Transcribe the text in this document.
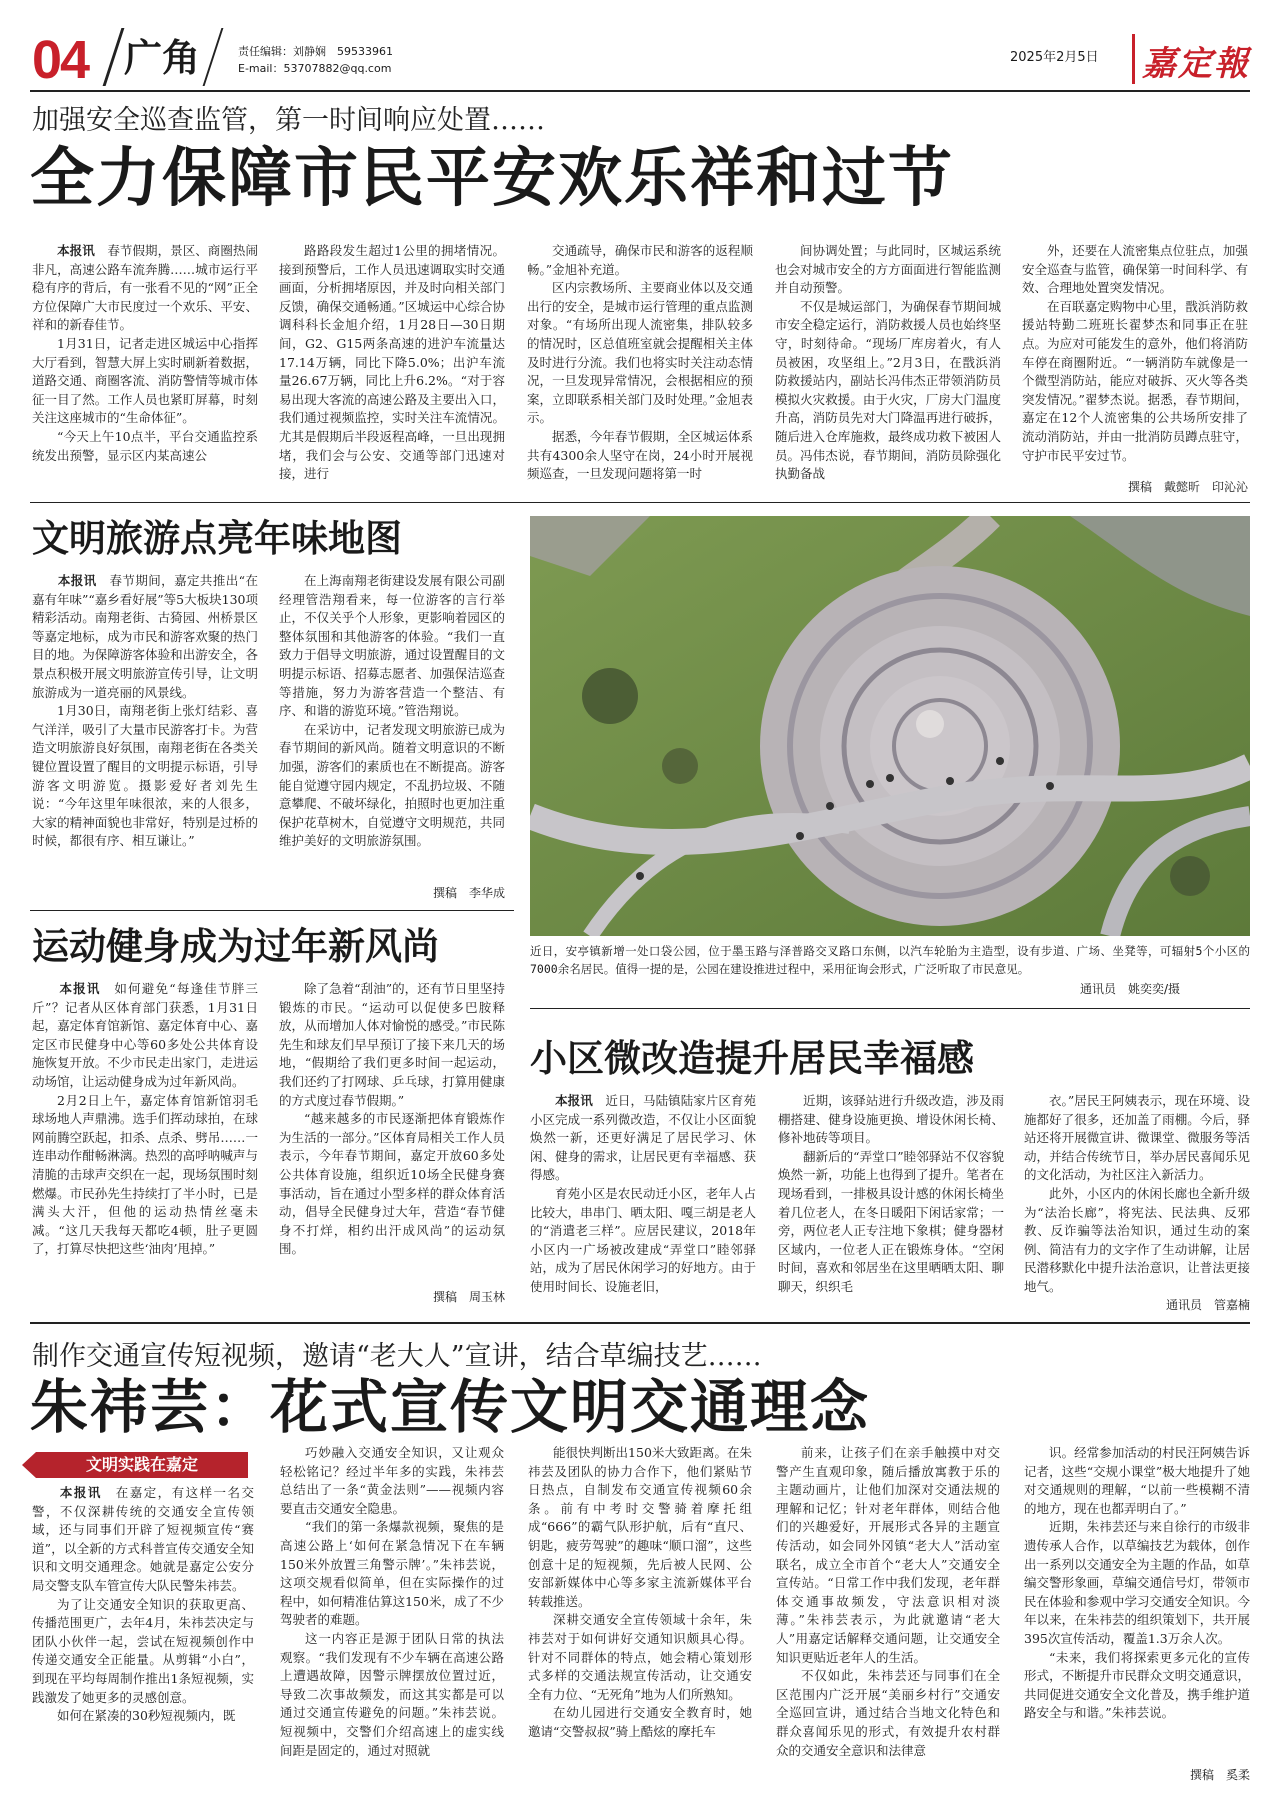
04 广角	责任编辑：刘静娴　59533961
E-mail：53707882@qq.com
2025年2月5日 嘉定報
加强安全巡查监管，第一时间响应处置……
全力保障市民平安欢乐祥和过节

　　本报讯　春节假期，景区、商圈热闹非凡，高速公路车流奔腾……城市运行平稳有序的背后，有一张看不见的“网”正全方位保障广大市民度过一个欢乐、平安、祥和的新春佳节。

1月31日，记者走进区城运中心指挥大厅看到，智慧大屏上实时刷新着数据，道路交通、商圈客流、消防警情等城市体征一目了然。工作人员也紧盯屏幕，时刻关注这座城市的“生命体征”。

“今天上午10点半，平台交通监控系统发出预警，显示区内某高速公

路路段发生超过1公里的拥堵情况。接到预警后，工作人员迅速调取实时交通画面，分析拥堵原因，并及时向相关部门反馈，确保交通畅通。”区城运中心综合协调科科长金旭介绍，1月28日—30日期间，G2、G15两条高速的进沪车流量达17.14万辆，同比下降5.0%；出沪车流量26.67万辆，同比上升6.2%。“对于容易出现大客流的高速公路及主要出入口，我们通过视频监控，实时关注车流情况。尤其是假期后半段返程高峰，一旦出现拥堵，我们会与公安、交通等部门迅速对接，进行

交通疏导，确保市民和游客的返程顺畅。”金旭补充道。

区内宗教场所、主要商业体以及交通出行的安全，是城市运行管理的重点监测对象。“有场所出现人流密集，排队较多的情况时，区总值班室就会提醒相关主体及时进行分流。我们也将实时关注动态情况，一旦发现异常情况，会根据相应的预案，立即联系相关部门及时处理。”金旭表示。

据悉，今年春节假期，全区城运体系共有4300余人坚守在岗，24小时开展视频巡查，一旦发现问题将第一时

间协调处置；与此同时，区城运系统也会对城市安全的方方面面进行智能监测并自动预警。

不仅是城运部门，为确保春节期间城市安全稳定运行，消防救援人员也始终坚守，时刻待命。“现场厂库房着火，有人员被困，攻坚组上。”2月3日，在戬浜消防救援站内，副站长冯伟杰正带领消防员模拟火灾救援。由于火灾，厂房大门温度升高，消防员先对大门降温再进行破拆，随后进入仓库施救，最终成功救下被困人员。冯伟杰说，春节期间，消防员除强化执勤备战

外，还要在人流密集点位驻点，加强安全巡查与监管，确保第一时间科学、有效、合理地处置突发情况。

在百联嘉定购物中心里，戬浜消防救援站特勤二班班长翟梦杰和同事正在驻点。为应对可能发生的意外，他们将消防车停在商圈附近。“一辆消防车就像是一个微型消防站，能应对破拆、灭火等各类突发情况。”翟梦杰说。据悉，春节期间，嘉定在12个人流密集的公共场所安排了流动消防站，并由一批消防员蹲点驻守，守护市民平安过节。

撰稿　戴懿昕　印沁沁
文明旅游点亮年味地图

　　本报讯　春节期间，嘉定共推出“在嘉有年味”“嘉乡看好展”等5大板块130项精彩活动。南翔老街、古猗园、州桥景区等嘉定地标，成为市民和游客欢聚的热门目的地。为保障游客体验和出游安全，各景点积极开展文明旅游宣传引导，让文明旅游成为一道亮丽的风景线。

1月30日，南翔老街上张灯结彩、喜气洋洋，吸引了大量市民游客打卡。为营造文明旅游良好氛围，南翔老街在各类关键位置设置了醒目的文明提示标语，引导游客文明游览。摄影爱好者刘先生说：“今年这里年味很浓，来的人很多，大家的精神面貌也非常好，特别是过桥的时候，都很有序、相互谦让。”

在上海南翔老街建设发展有限公司副经理管浩翔看来，每一位游客的言行举止，不仅关乎个人形象，更影响着园区的整体氛围和其他游客的体验。“我们一直致力于倡导文明旅游，通过设置醒目的文明提示标语、招募志愿者、加强保洁巡查等措施，努力为游客营造一个整洁、有序、和谐的游览环境。”管浩翔说。

在采访中，记者发现文明旅游已成为春节期间的新风尚。随着文明意识的不断加强，游客们的素质也在不断提高。游客能自觉遵守园内规定，不乱扔垃圾、不随意攀爬、不破坏绿化，拍照时也更加注重保护花草树木，自觉遵守文明规范，共同维护美好的文明旅游氛围。

撰稿　李华成
运动健身成为过年新风尚

　　本报讯　如何避免“每逢佳节胖三斤”？记者从区体育部门获悉，1月31日起，嘉定体育馆新馆、嘉定体育中心、嘉定区市民健身中心等60多处公共体育设施恢复开放。不少市民走出家门，走进运动场馆，让运动健身成为过年新风尚。

2月2日上午，嘉定体育馆新馆羽毛球场地人声鼎沸。选手们挥动球拍，在球网前腾空跃起，扣杀、点杀、劈吊……一连串动作酣畅淋漓。热烈的高呼呐喊声与清脆的击球声交织在一起，现场氛围时刻燃爆。市民孙先生持续打了半小时，已是满头大汗，但他的运动热情丝毫未减。“这几天我每天都吃4顿，肚子更圆了，打算尽快把这些‘油肉’甩掉。”

除了急着“刮油”的，还有节日里坚持锻炼的市民。“运动可以促使多巴胺释放，从而增加人体对愉悦的感受。”市民陈先生和球友们早早预订了接下来几天的场地，“假期给了我们更多时间一起运动，我们还约了打网球、乒乓球，打算用健康的方式度过春节假期。”

“越来越多的市民逐渐把体育锻炼作为生活的一部分。”区体育局相关工作人员表示，今年春节期间，嘉定开放60多处公共体育设施，组织近10场全民健身赛事活动，旨在通过小型多样的群众体育活动，倡导全民健身过大年，营造“春节健身不打烊，相约出汗成风尚”的运动氛围。

撰稿　周玉林
近日，安亭镇新增一处口袋公园，位于墨玉路与泽普路交叉路口东侧，以汽车轮胎为主造型，设有步道、广场、坐凳等，可辐射5个小区的7000余名居民。值得一提的是，公园在建设推进过程中，采用征询会形式，广泛听取了市民意见。
通讯员　姚奕奕/摄
小区微改造提升居民幸福感

　　本报讯　近日，马陆镇陆家片区育苑小区完成一系列微改造，不仅让小区面貌焕然一新，还更好满足了居民学习、休闲、健身的需求，让居民更有幸福感、获得感。

育苑小区是农民动迁小区，老年人占比较大，串串门、晒太阳、嘎三胡是老人的“消遣老三样”。应居民建议，2018年小区内一广场被改建成“弄堂口”睦邻驿站，成为了居民休闲学习的好地方。由于使用时间长、设施老旧，

近期，该驿站进行升级改造，涉及雨棚搭建、健身设施更换、增设休闲长椅、修补地砖等项目。

翻新后的“弄堂口”睦邻驿站不仅容貌焕然一新，功能上也得到了提升。笔者在现场看到，一排极具设计感的休闲长椅坐着几位老人，在冬日暖阳下闲话家常；一旁，两位老人正专注地下象棋；健身器材区域内，一位老人正在锻炼身体。“空闲时间，喜欢和邻居坐在这里晒晒太阳、聊聊天，织织毛

衣。”居民王阿姨表示，现在环境、设施都好了很多，还加盖了雨棚。今后，驿站还将开展微宣讲、微课堂、微服务等活动，并结合传统节日，举办居民喜闻乐见的文化活动，为社区注入新活力。

此外，小区内的休闲长廊也全新升级为“法治长廊”，将宪法、民法典、反邪教、反诈骗等法治知识，通过生动的案例、简洁有力的文字作了生动讲解，让居民潜移默化中提升法治意识，让普法更接地气。

通讯员　管嘉楠
制作交通宣传短视频，邀请“老大人”宣讲，结合草编技艺……
朱祎芸：花式宣传文明交通理念
文明实践在嘉定

　　本报讯　在嘉定，有这样一名交警，不仅深耕传统的交通安全宣传领域，还与同事们开辟了短视频宣传“赛道”，以全新的方式科普宣传交通安全知识和文明交通理念。她就是嘉定公安分局交警支队车管宣传大队民警朱祎芸。

为了让交通安全知识的获取更高、传播范围更广，去年4月，朱祎芸决定与团队小伙伴一起，尝试在短视频创作中传递交通安全正能量。从剪辑“小白”，到现在平均每周制作推出1条短视频，实践激发了她更多的灵感创意。

如何在紧凑的30秒短视频内，既

巧妙融入交通安全知识，又让观众轻松铭记？经过半年多的实践，朱祎芸总结出了一条“黄金法则”——视频内容要直击交通安全隐患。

“我们的第一条爆款视频，聚焦的是高速公路上‘如何在紧急情况下在车辆150米外放置三角警示牌’。”朱祎芸说，这项交规看似简单，但在实际操作的过程中，如何精准估算这150米，成了不少驾驶者的难题。

这一内容正是源于团队日常的执法观察。“我们发现有不少车辆在高速公路上遭遇故障，因警示牌摆放位置过近，导致二次事故频发，而这其实都是可以通过交通宣传避免的问题。”朱祎芸说。短视频中，交警们介绍高速上的虚实线间距是固定的，通过对照就

能很快判断出150米大致距离。在朱祎芸及团队的协力合作下，他们紧贴节日热点，自制发布交通宣传视频60余条。前有中考时交警骑着摩托组成“666”的霸气队形护航，后有“直尺、钥匙，疲劳驾驶”的趣味“顺口溜”，这些创意十足的短视频，先后被人民网、公安部新媒体中心等多家主流新媒体平台转载推送。

深耕交通安全宣传领域十余年，朱祎芸对于如何讲好交通知识颇具心得。针对不同群体的特点，她会精心策划形式多样的交通法规宣传活动，让交通安全有力位、“无死角”地为人们所熟知。

在幼儿园进行交通安全教育时，她邀请“交警叔叔”骑上酷炫的摩托车

前来，让孩子们在亲手触摸中对交警产生直观印象，随后播放寓教于乐的主题动画片，让他们加深对交通法规的理解和记忆；针对老年群体，则结合他们的兴趣爱好，开展形式各异的主题宣传活动，如会同外冈镇“老大人”活动室联名，成立全市首个“老大人”交通安全宣传站。“日常工作中我们发现，老年群体交通事故频发，守法意识相对淡薄。”朱祎芸表示，为此就邀请“老大人”用嘉定话解释交通问题，让交通安全知识更贴近老年人的生活。

不仅如此，朱祎芸还与同事们在全区范围内广泛开展“美丽乡村行”交通安全巡回宣讲，通过结合当地文化特色和群众喜闻乐见的形式，有效提升农村群众的交通安全意识和法律意

识。经常参加活动的村民汪阿姨告诉记者，这些“交规小课堂”极大地提升了她对交通规则的理解，“以前一些模糊不清的地方，现在也都弄明白了。”

近期，朱祎芸还与来自徐行的市级非遗传承人合作，以草编技艺为载体，创作出一系列以交通安全为主题的作品，如草编交警形象画，草编交通信号灯，带领市民在体验和参观中学习交通安全知识。今年以来，在朱祎芸的组织策划下，共开展395次宣传活动，覆盖1.3万余人次。

“未来，我们将探索更多元化的宣传形式，不断提升市民群众文明交通意识，共同促进交通安全文化普及，携手维护道路安全与和谐。”朱祎芸说。

撰稿　奚柔
